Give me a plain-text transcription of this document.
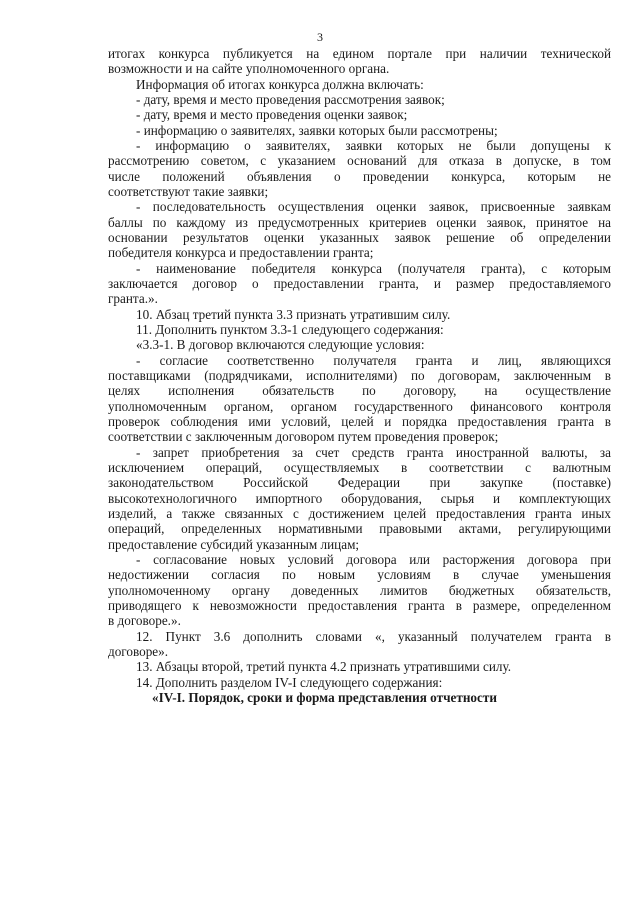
3
итогах конкурса публикуется на едином портале при наличии технической
возможности и на сайте уполномоченного органа.
Информация об итогах конкурса должна включать:
- дату, время и место проведения рассмотрения заявок;
- дату, время и место проведения оценки заявок;
- информацию о заявителях, заявки которых были рассмотрены;
- информацию о заявителях, заявки которых не были допущены к
рассмотрению советом, с указанием оснований для отказа в допуске, в том
числе положений объявления о проведении конкурса, которым не
соответствуют такие заявки;
- последовательность осуществления оценки заявок, присвоенные заявкам
баллы по каждому из предусмотренных критериев оценки заявок, принятое на
основании результатов оценки указанных заявок решение об определении
победителя конкурса и предоставлении гранта;
- наименование победителя конкурса (получателя гранта), с которым
заключается договор о предоставлении гранта, и размер предоставляемого
гранта.».
10. Абзац третий пункта 3.3 признать утратившим силу.
11. Дополнить пунктом 3.3-1 следующего содержания:
«3.3-1. В договор включаются следующие условия:
- согласие соответственно получателя гранта и лиц, являющихся
поставщиками (подрядчиками, исполнителями) по договорам, заключенным в
целях исполнения обязательств по договору, на осуществление
уполномоченным органом, органом государственного финансового контроля
проверок соблюдения ими условий, целей и порядка предоставления гранта в
соответствии с заключенным договором путем проведения проверок;
- запрет приобретения за счет средств гранта иностранной валюты, за
исключением операций, осуществляемых в соответствии с валютным
законодательством Российской Федерации при закупке (поставке)
высокотехнологичного импортного оборудования, сырья и комплектующих
изделий, а также связанных с достижением целей предоставления гранта иных
операций, определенных нормативными правовыми актами, регулирующими
предоставление субсидий указанным лицам;
- согласование новых условий договора или расторжения договора при
недостижении согласия по новым условиям в случае уменьшения
уполномоченному органу доведенных лимитов бюджетных обязательств,
приводящего к невозможности предоставления гранта в размере, определенном
в договоре.».
12. Пункт 3.6 дополнить словами «, указанный получателем гранта в
договоре».
13. Абзацы второй, третий пункта 4.2 признать утратившими силу.
14. Дополнить разделом IV-I следующего содержания:
«IV-I. Порядок, сроки и форма представления отчетности
